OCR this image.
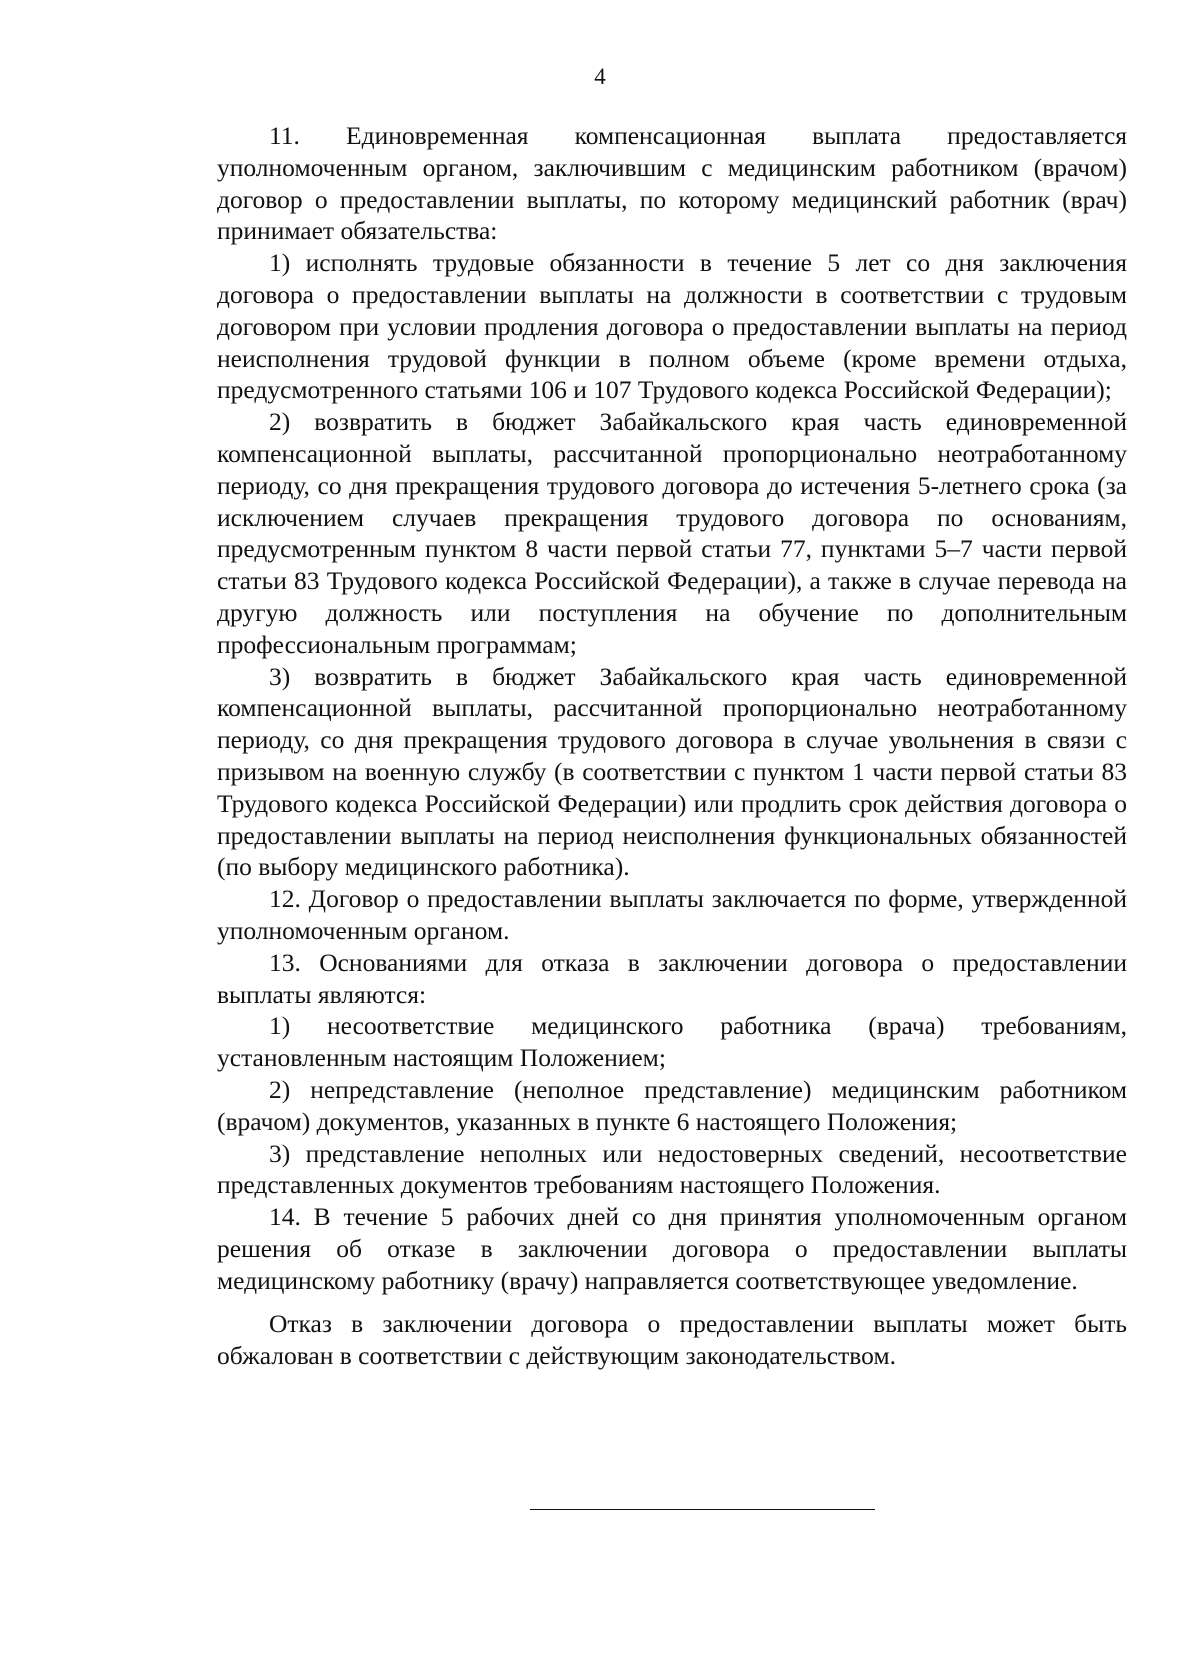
4

11. Единовременная компенсационная выплата предоставляется уполномоченным органом, заключившим с медицинским работником (врачом) договор о предоставлении выплаты, по которому медицинский работник (врач) принимает обязательства:

1) исполнять трудовые обязанности в течение 5 лет со дня заключения договора о предоставлении выплаты на должности в соответствии с трудовым договором при условии продления договора о предоставлении выплаты на период неисполнения трудовой функции в полном объеме (кроме времени отдыха, предусмотренного статьями 106 и 107 Трудового кодекса Российской Федерации);

2) возвратить в бюджет Забайкальского края часть единовременной компенсационной выплаты, рассчитанной пропорционально неотработанному периоду, со дня прекращения трудового договора до истечения 5-летнего срока (за исключением случаев прекращения трудового договора по основаниям, предусмотренным пунктом 8 части первой статьи 77, пунктами 5–7 части первой статьи 83 Трудового кодекса Российской Федерации), а также в случае перевода на другую должность или поступления на обучение по дополнительным профессиональным программам;

3) возвратить в бюджет Забайкальского края часть единовременной компенсационной выплаты, рассчитанной пропорционально неотработанному периоду, со дня прекращения трудового договора в случае увольнения в связи с призывом на военную службу (в соответствии с пунктом 1 части первой статьи 83 Трудового кодекса Российской Федерации) или продлить срок действия договора о предоставлении выплаты на период неисполнения функциональных обязанностей (по выбору медицинского работника).

12. Договор о предоставлении выплаты заключается по форме, утвержденной уполномоченным органом.

13. Основаниями для отказа в заключении договора о предоставлении выплаты являются:

1) несоответствие медицинского работника (врача) требованиям, установленным настоящим Положением;

2) непредставление (неполное представление) медицинским работником (врачом) документов, указанных в пункте 6 настоящего Положения;

3) представление неполных или недостоверных сведений, несоответствие представленных документов требованиям настоящего Положения.

14. В течение 5 рабочих дней со дня принятия уполномоченным органом решения об отказе в заключении договора о предоставлении выплаты медицинскому работнику (врачу) направляется соответствующее уведомление.

Отказ в заключении договора о предоставлении выплаты может быть обжалован в соответствии с действующим законодательством.
